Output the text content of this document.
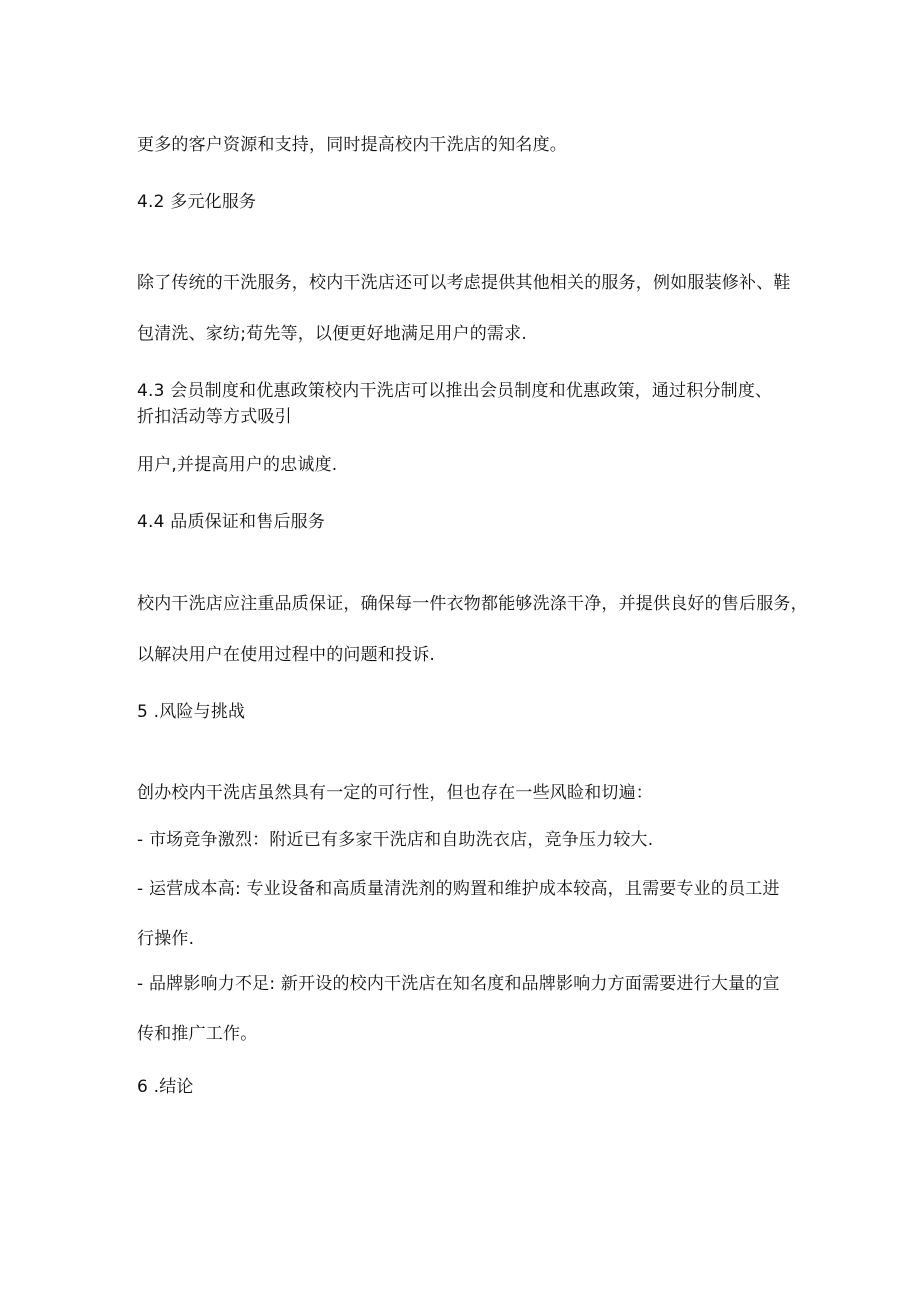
更多的客户资源和支持，同时提高校内干洗店的知名度。
4.2 多元化服务
除了传统的干洗服务，校内干洗店还可以考虑提供其他相关的服务，例如服装修补、鞋
包清洗、家纺;荀先等，以便更好地满足用户的需求.
4.3 会员制度和优惠政策校内干洗店可以推出会员制度和优惠政策，通过积分制度、
折扣活动等方式吸引
用户,并提高用户的忠诚度.
4.4 品质保证和售后服务
校内干洗店应注重品质保证，确保每一件衣物都能够洗涤干净，并提供良好的售后服务，
以解决用户在使用过程中的问题和投诉.
5 .风险与挑战
创办校内干洗店虽然具有一定的可行性，但也存在一些风睑和切遍：
- 市场竞争激烈：附近已有多家干洗店和自助洗衣店，竞争压力较大.
- 运营成本高: 专业设备和高质量清洗剂的购置和维护成本较高，且需要专业的员工进
行操作.
- 品牌影响力不足: 新开设的校内干洗店在知名度和品牌影响力方面需要进行大量的宣
传和推广工作。
6 .结论
